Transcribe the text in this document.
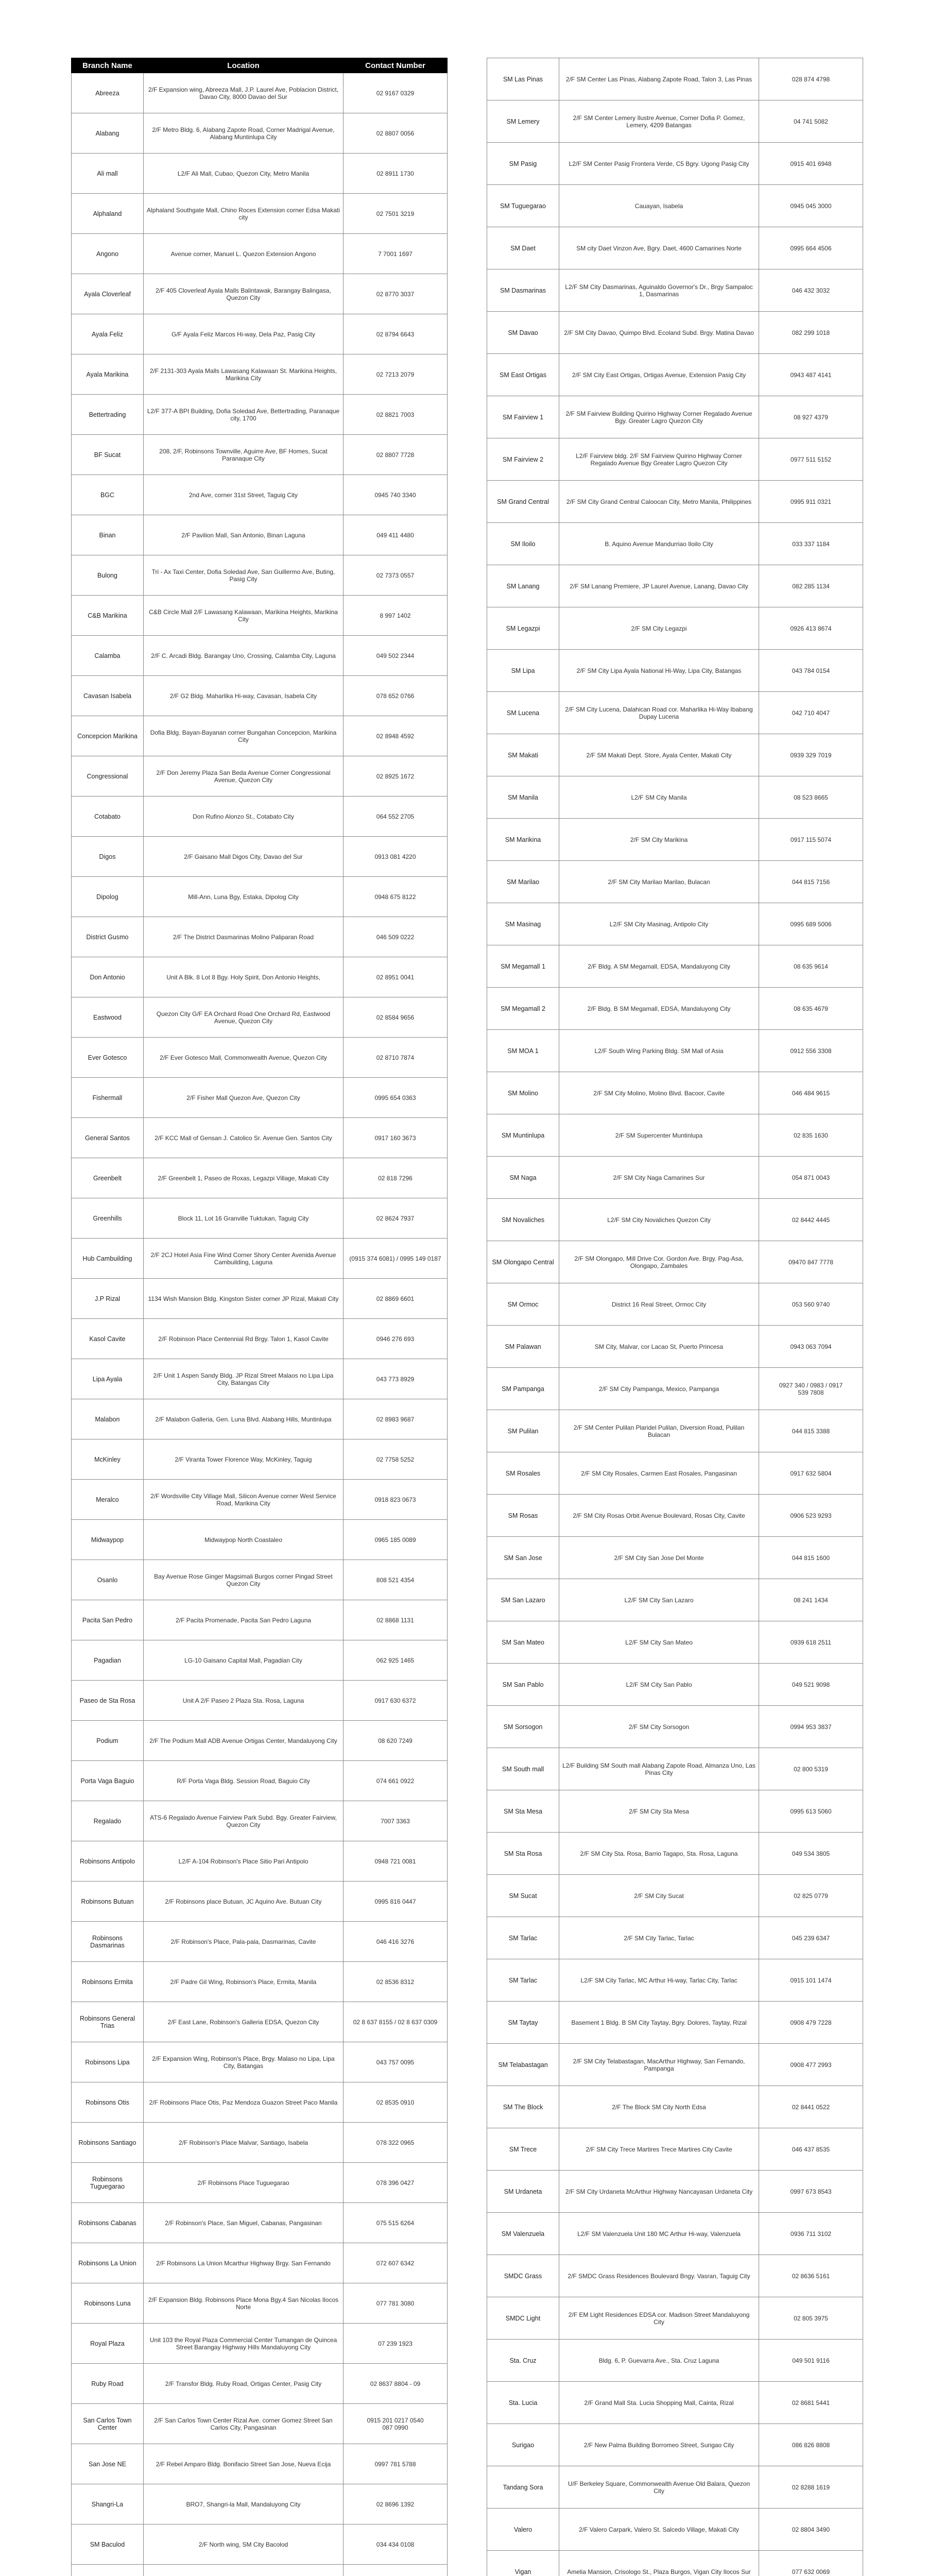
Branch Name	Location	Contact Number
Abreeza	2/F Expansion wing, Abreeza Mall, J.P. Laurel Ave, Poblacion District, Davao City, 8000 Davao del Sur	02 9167 0329
Alabang	2/F Metro Bldg. 6, Alabang Zapote Road, Corner Madrigal Avenue, Alabang Muntinlupa City	02 8807 0056
Ali mall	L2/F Ali Mall, Cubao, Quezon City, Metro Manila	02 8911 1730
Alphaland	Alphaland Southgate Mall, Chino Roces Extension corner Edsa Makati city	02 7501 3219
Angono	Avenue corner, Manuel L. Quezon Extension Angono	7 7001 1697
Ayala Cloverleaf	2/F 405 Cloverleaf Ayala Malls Balintawak, Barangay Balingasa, Quezon City	02 8770 3037
Ayala Feliz	G/F Ayala Feliz Marcos Hi-way, Dela Paz, Pasig City	02 8794 6643
Ayala Marikina	2/F 2131-303 Ayala Malls Lawasang Kalawaan St. Marikina Heights, Marikina City	02 7213 2079
Bettertrading	L2/F 377-A BPI Building, Dofia Soledad Ave, Bettertrading, Paranaque city, 1700	02 8821 7003
BF Sucat	208, 2/F, Robinsons Townville, Aguirre Ave, BF Homes, Sucat Paranaque City	02 8807 7728
BGC	2nd Ave, corner 31st Street, Taguig City	0945 740 3340
Binan	2/F Pavilion Mall, San Antonio, Binan Laguna	049 411 4480
Bulong	Tri - Ax Taxi Center, Dofia Soledad Ave, San Guillermo Ave, Buting, Pasig City	02 7373 0557
C&B Marikina	C&B Circle Mall 2/F Lawasang Kalawaan, Marikina Heights, Marikina City	8 997 1402
Calamba	2/F C. Arcadi Bldg. Barangay Uno, Crossing, Calamba City, Laguna	049 502 2344
Cavasan Isabela	2/F G2 Bldg. Maharlika Hi-way, Cavasan, Isabela City	078 652 0766
Concepcion Marikina	Dofia Bldg. Bayan-Bayanan corner Bungahan Concepcion, Marikina City	02 8948 4592
Congressional	2/F Don Jeremy Plaza San Beda Avenue Corner Congressional Avenue, Quezon City	02 8925 1672
Cotabato	Don Rufino Alonzo St., Cotabato City	064 552 2705
Digos	2/F Gaisano Mall Digos City, Davao del Sur	0913 081 4220
Dipolog	Mill-Ann, Luna Bgy, Estaka, Dipolog City	0948 675 8122
District Gusmo	2/F The District Dasmarinas Molino Paliparan Road	046 509 0222
Don Antonio	Unit A Blk. 8 Lot 8 Bgy. Holy Spirit, Don Antonio Heights,	02 8951 0041
Eastwood	Quezon City G/F EA Orchard Road One Orchard Rd, Eastwood Avenue, Quezon City	02 8584 9656
Ever Gotesco	2/F Ever Gotesco Mall, Commonwealth Avenue, Quezon City	02 8710 7874
Fishermall	2/F Fisher Mall Quezon Ave, Quezon City	0995 654 0363
General Santos	2/F KCC Mall of Gensan J. Catolico Sr. Avenue Gen. Santos City	0917 160 3673
Greenbelt	2/F Greenbelt 1, Paseo de Roxas, Legazpi Village, Makati City	02 818 7296
Greenhills	Block 11, Lot 16 Granville Tuktukan, Taguig City	02 8624 7937
Hub Cambuilding	2/F 2CJ Hotel Asia Fine Wind Corner Shory Center Avenida Avenue Cambuilding, Laguna	(0915 374 6081) / 0995 149 0187
J.P Rizal	1134 Wish Mansion Bldg. Kingston Sister corner JP Rizal, Makati City	02 8869 6601
Kasol Cavite	2/F Robinson Place Centennial Rd Brgy. Talon 1, Kasol Cavite	0946 276 693
Lipa Ayala	2/F Unit 1 Aspen Sandy Bldg. JP Rizal Street Malaos no Lipa Lipa City, Batangas City	043 773 8929
Malabon	2/F Malabon Galleria, Gen. Luna Blvd. Alabang Hills, Muntinlupa	02 8983 9687
McKinley	2/F Viranta Tower Florence Way, McKinley, Taguig	02 7758 5252
Meralco	2/F Wordsville City Village Mall, Silicon Avenue corner West Service Road, Marikina City	0918 823 0673
Midwaypop	Midwaypop North Coastaleo	0965 185 0089
Osanlo	Bay Avenue Rose Ginger Magsimali Burgos corner Pingad Street Quezon City	808 521 4354
Pacita San Pedro	2/F Pacita Promenade, Pacita San Pedro Laguna	02 8868 1131
Pagadian	LG-10 Gaisano Capital Mall, Pagadian City	062 925 1465
Paseo de Sta Rosa	Unit A 2/F Paseo 2 Plaza Sta. Rosa, Laguna	0917 630 6372
Podium	2/F The Podium Mall ADB Avenue Ortigas Center, Mandaluyong City	08 620 7249
Porta Vaga Baguio	R/F Porta Vaga Bldg. Session Road, Baguio City	074 661 0922
Regalado	ATS-6 Regalado Avenue Fairview Park Subd. Bgy. Greater Fairview, Quezon City	7007 3363
Robinsons Antipolo	L2/F A-104 Robinson's Place Sitio Pari Antipolo	0948 721 0081
Robinsons Butuan	2/F Robinsons place Butuan, JC Aquino Ave. Butuan City	0995 816 0447
Robinsons Dasmarinas	2/F Robinson's Place, Pala-pala, Dasmarinas, Cavite	046 416 3276
Robinsons Ermita	2/F Padre Gil Wing, Robinson's Place, Ermita, Manila	02 8536 8312
Robinsons General Trias	2/F East Lane, Robinson's Galleria EDSA, Quezon City	02 8 637 8155 / 02 8 637 0309
Robinsons Lipa	2/F Expansion Wing, Robinson's Place, Brgy. Malaso no Lipa, Lipa City, Batangas	043 757 0095
Robinsons Otis	2/F Robinsons Place Otis, Paz Mendoza Guazon Street Paco Manila	02 8535 0910
Robinsons Santiago	2/F Robinson's Place Malvar, Santiago, Isabela	078 322 0965
Robinsons Tuguegarao	2/F Robinsons Place Tuguegarao	078 396 0427
Robinsons Cabanas	2/F Robinson's Place, San Miguel, Cabanas, Pangasinan	075 515 6264
Robinsons La Union	2/F Robinsons La Union Mcarthur Highway Brgy. San Fernando	072 607 6342
Robinsons Luna	2/F Expansion Bldg. Robinsons Place Mona Bgy.4 San Nicolas Ilocos Norte	077 781 3080
Royal Plaza	Unit 103 the Royal Plaza Commercial Center Tumangan de Quincea Street Barangay Highway Hills Mandaluyong City	07 239 1923
Ruby Road	2/F Transfor Bldg. Ruby Road, Ortigas Center, Pasig City	02 8637 8804 - 09
San Carlos Town Center	2/F San Carlos Town Center Rizal Ave. corner Gomez Street San Carlos City, Pangasinan	0915 201 0217 0540
087 0990
San Jose NE	2/F Rebel Amparo Bldg. Bonifacio Street San Jose, Nueva Ecija	0997 781 5788
Shangri-La	BRO7, Shangri-la Mall, Mandaluyong City	02 8696 1392
SM Baculod	2/F North wing, SM City Bacolod	034 434 0108

SM Las Pinas	2/F SM Center Las Pinas, Alabang Zapote Road, Talon 3, Las Pinas	028 874 4798
SM Lemery	2/F SM Center Lemery Ilustre Avenue, Corner Dofia P. Gomez, Lemery, 4209 Batangas	04 741 5082
SM Pasig	L2/F SM Center Pasig Frontera Verde, C5 Bgry. Ugong Pasig City	0915 401 6948
SM Tuguegarao	Cauayan, Isabela	0945 045 3000
SM Daet	SM city Daet Vinzon Ave, Bgry. Daet, 4600 Camarines Norte	0995 664 4506
SM Dasmarinas	L2/F SM City Dasmarinas, Aguinaldo Governor's Dr., Brgy Sampaloc 1, Dasmarinas	046 432 3032
SM Davao	2/F SM City Davao, Quimpo Blvd. Ecoland Subd. Brgy. Matina Davao	082 299 1018
SM East Ortigas	2/F SM City East Ortigas, Ortigas Avenue, Extension Pasig City	0943 487 4141
SM Fairview 1	2/F SM Fairview Building Quirino Highway Corner Regalado Avenue Bgy. Greater Lagro Quezon City	08 927 4379
SM Fairview 2	L2/F Fairview bldg. 2/F SM Fairview Quirino Highway Corner Regalado Avenue Bgy Greater Lagro Quezon City	0977 511 5152
SM Grand Central	2/F SM City Grand Central Caloocan City, Metro Manila, Philippines	0995 911 0321
SM Iloilo	B. Aquino Avenue Mandurriao Iloilo City	033 337 1184
SM Lanang	2/F SM Lanang Premiere, JP Laurel Avenue, Lanang, Davao City	082 285 1134
SM Legazpi	2/F SM City Legazpi	0926 413 8674
SM Lipa	2/F SM City Lipa Ayala National Hi-Way, Lipa City, Batangas	043 784 0154
SM Lucena	2/F SM City Lucena, Dalahican Road cor. Maharlika Hi-Way Ibabang Dupay Lucena	042 710 4047
SM Makati	2/F SM Makati Dept. Store, Ayala Center, Makati City	0939 329 7019
SM Manila	L2/F SM City Manila	08 523 8665
SM Marikina	2/F SM City Marikina	0917 115 5074
SM Marilao	2/F SM City Marilao Marilao, Bulacan	044 815 7156
SM Masinag	L2/F SM City Masinag, Antipolo City	0995 689 5006
SM Megamall 1	2/F Bldg. A SM Megamall, EDSA, Mandaluyong City	08 635 9614
SM Megamall 2	2/F Bldg. B SM Megamall, EDSA, Mandaluyong City	08 635 4679
SM MOA 1	L2/F South Wing Parking Bldg. SM Mall of Asia	0912 556 3308
SM Molino	2/F SM City Molino, Molino Blvd. Bacoor, Cavite	046 484 9615
SM Muntinlupa	2/F SM Supercenter Muntinlupa	02 835 1630
SM Naga	2/F SM City Naga Camarines Sur	054 871 0043
SM Novaliches	L2/F SM City Novaliches Quezon City	02 8442 4445
SM Olongapo Central	2/F SM Olongapo, Mill Drive Cor. Gordon Ave. Brgy. Pag-Asa, Olongapo, Zambales	09470 847 7778
SM Ormoc	District 16 Real Street, Ormoc City	053 560 9740
SM Palawan	SM City, Malvar, cor Lacao St, Puerto Princesa	0943 063 7094
SM Pampanga	2/F SM City Pampanga, Mexico, Pampanga	0927 340 / 0983 / 0917
539 7808
SM Pulilan	2/F SM Center Pulilan Plaridel Pulilan, Diversion Road, Pulilan Bulacan	044 815 3388
SM Rosales	2/F SM City Rosales, Carmen East Rosales, Pangasinan	0917 632 5804
SM Rosas	2/F SM City Rosas Orbit Avenue Boulevard, Rosas City, Cavite	0906 523 9293
SM San Jose	2/F SM City San Jose Del Monte	044 815 1600
SM San Lazaro	L2/F SM City San Lazaro	08 241 1434
SM San Mateo	L2/F SM City San Mateo	0939 618 2511
SM San Pablo	L2/F SM City San Pablo	049 521 9098
SM Sorsogon	2/F SM City Sorsogon	0994 953 3837
SM South mall	L2/F Building SM South mall Alabang Zapote Road, Almanza Uno, Las Pinas City	02 800 5319
SM Sta Mesa	2/F SM City Sta Mesa	0995 613 5060
SM Sta Rosa	2/F SM City Sta. Rosa, Barrio Tagapo, Sta. Rosa, Laguna	049 534 3805
SM Sucat	2/F SM City Sucat	02 825 0779
SM Tarlac	2/F SM City Tarlac, Tarlac	045 239 6347
SM Tarlac	L2/F SM City Tarlac, MC Arthur Hi-way, Tarlac City, Tarlac	0915 101 1474
SM Taytay	Basement 1 Bldg. B SM City Taytay, Bgry. Dolores, Taytay, Rizal	0908 479 7228
SM Telabastagan	2/F SM City Telabastagan, MacArthur Highway, San Fernando, Pampanga	0908 477 2993
SM The Block	2/F The Block SM City North Edsa	02 8441 0522
SM Trece	2/F SM City Trece Martires Trece Martires City Cavite	046 437 8535
SM Urdaneta	2/F SM City Urdaneta McArthur Highway Nancayasan Urdaneta City	0997 673 8543
SM Valenzuela	L2/F SM Valenzuela Unit 180 MC Arthur Hi-way, Valenzuela	0936 711 3102
SMDC Grass	2/F SMDC Grass Residences Boulevard Bngy. Vasran, Taguig City	02 8636 5161
SMDC Light	2/F EM Light Residences EDSA cor. Madison Street Mandaluyong City	02 805 3975
Sta. Cruz	Bldg. 6, P. Guevarra Ave., Sta. Cruz Laguna	049 501 9116
Sta. Lucia	2/F Grand Mall Sta. Lucia Shopping Mall, Cainta, Rizal	02 8681 5441
Surigao	2/F New Palma Building Borromeo Street, Surigao City	086 826 8808
Tandang Sora	U/F Berkeley Square, Commonwealth Avenue Old Balara, Quezon City	02 8288 1619
Valero	2/F Valero Carpark, Valero St. Salcedo Village, Makati City	02 8804 3490
Vigan	Amelia Mansion, Crisologo St., Plaza Burgos, Vigan City Ilocos Sur	077 632 0069
